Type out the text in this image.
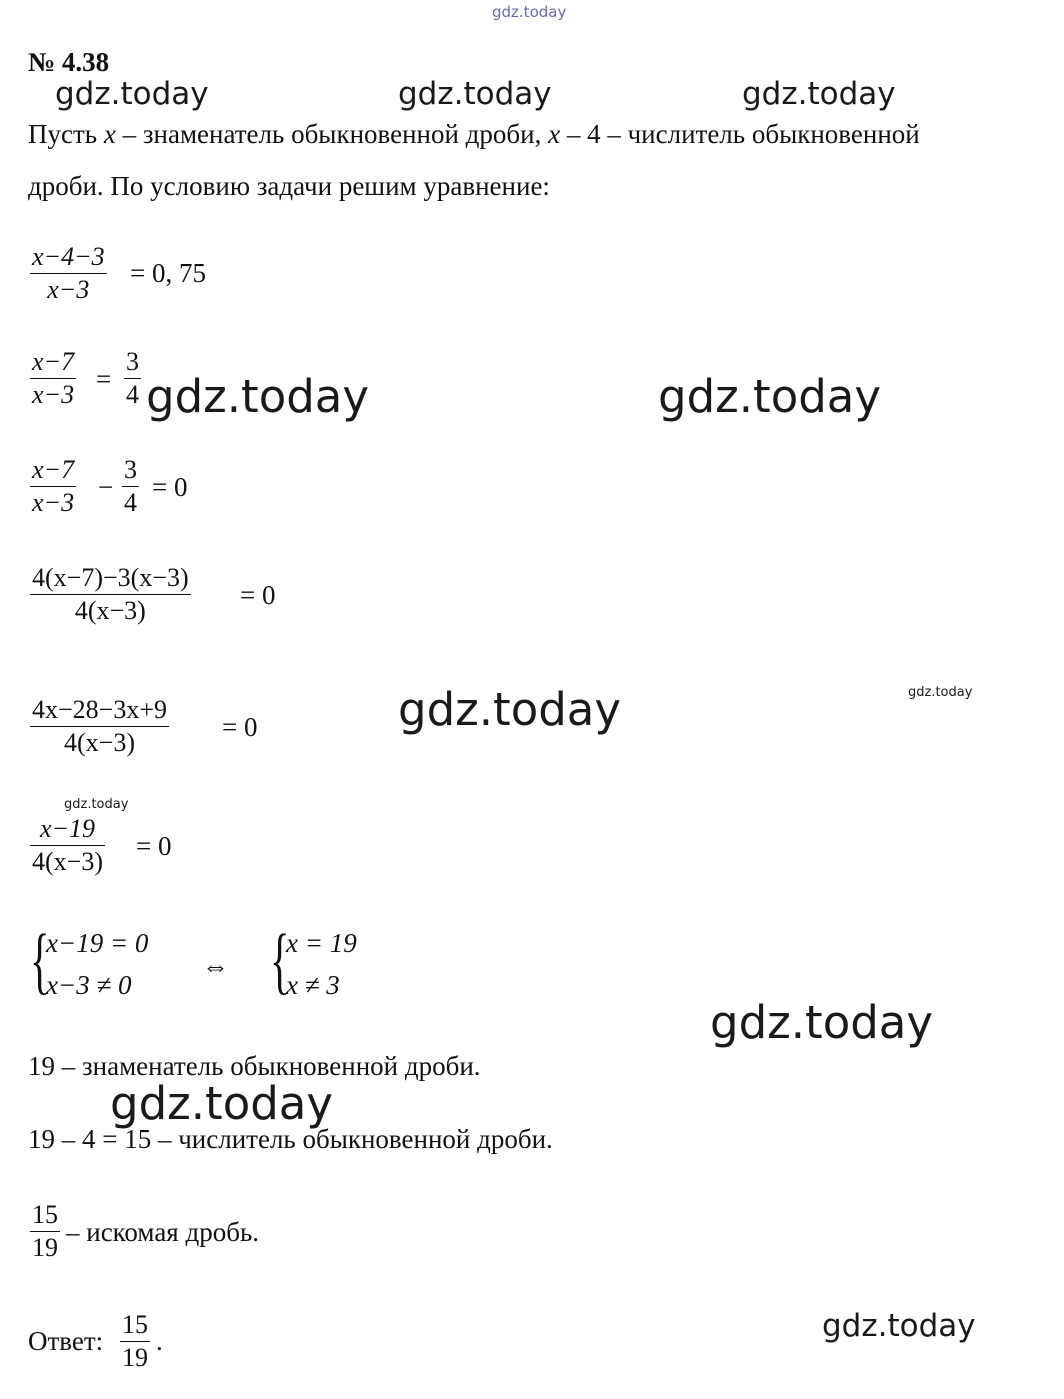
gdz.today
gdz.today	gdz.today	gdz.today
gdz.today	gdz.today
gdz.today	gdz.today
gdz.today
gdz.today
gdz.today
gdz.today
№ 4.38
Пусть x – знаменатель обыкновенной дроби, x – 4 – числитель обыкновенной
дроби. По условию задачи решим уравнение:
x−4−3
x−3
= 0, 75
x−7
x−3
=
3
4
x−7
x−3
−
3
4
= 0
4(x−7)−3(x−3)
4(x−3)
= 0
4x−28−3x+9
4(x−3)
= 0
x−19
4(x−3)
= 0
{
x−19 = 0
x−3 ≠ 0
⇔ {
x = 19
x ≠ 3
19 – знаменатель обыкновенной дроби.
19 – 4 = 15 – числитель обыкновенной дроби.
15
19
– искомая дробь.
Ответ:
15
19
.
